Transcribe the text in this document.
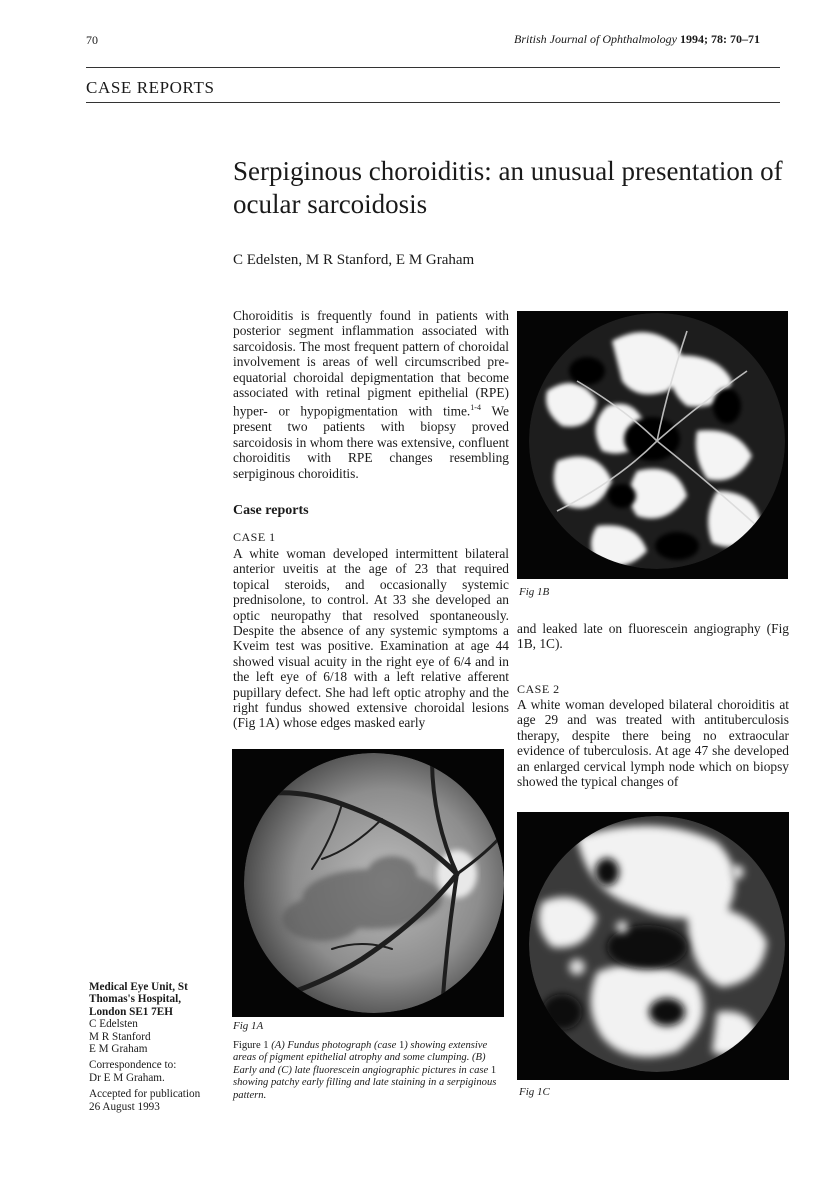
70	British Journal of Ophthalmology 1994; 78: 70–71
CASE REPORTS
Serpiginous choroiditis: an unusual presentation of ocular sarcoidosis
C Edelsten, M R Stanford, E M Graham
Choroiditis is frequently found in patients with posterior segment inflammation associated with sarcoidosis. The most frequent pattern of choroidal involvement is areas of well circumscribed pre-equatorial choroidal depigmentation that become associated with retinal pigment epithelial (RPE) hyper- or hypopigmentation with time.$^{1-4}$ We present two patients with biopsy proved sarcoidosis in whom there was extensive, confluent choroiditis with RPE changes resembling serpiginous choroiditis.
Case reports
CASE 1
A white woman developed intermittent bilateral anterior uveitis at the age of 23 that required topical steroids, and occasionally systemic prednisolone, to control. At 33 she developed an optic neuropathy that resolved spontaneously. Despite the absence of any systemic symptoms a Kveim test was positive. Examination at age 44 showed visual acuity in the right eye of 6/4 and in the left eye of 6/18 with a left relative afferent pupillary defect. She had left optic atrophy and the right fundus showed extensive choroidal lesions (Fig 1A) whose edges masked early
and leaked late on fluorescein angiography (Fig 1B, 1C).
CASE 2
A white woman developed bilateral choroiditis at age 29 and was treated with antituberculosis therapy, despite there being no extraocular evidence of tuberculosis. At age 47 she developed an enlarged cervical lymph node which on biopsy showed the typical changes of
Fig 1B
Fig 1A
Figure 1 (A) Fundus photograph (case 1) showing extensive areas of pigment epithelial atrophy and some clumping. (B) Early and (C) late fluorescein angiographic pictures in case 1 showing patchy early filling and late staining in a serpiginous pattern.	Fig 1C
Medical Eye Unit, St
Thomas's Hospital,
London SE1 7EH
C Edelsten
M R Stanford
E M Graham
Correspondence to:
Dr E M Graham.
Accepted for publication
26 August 1993
